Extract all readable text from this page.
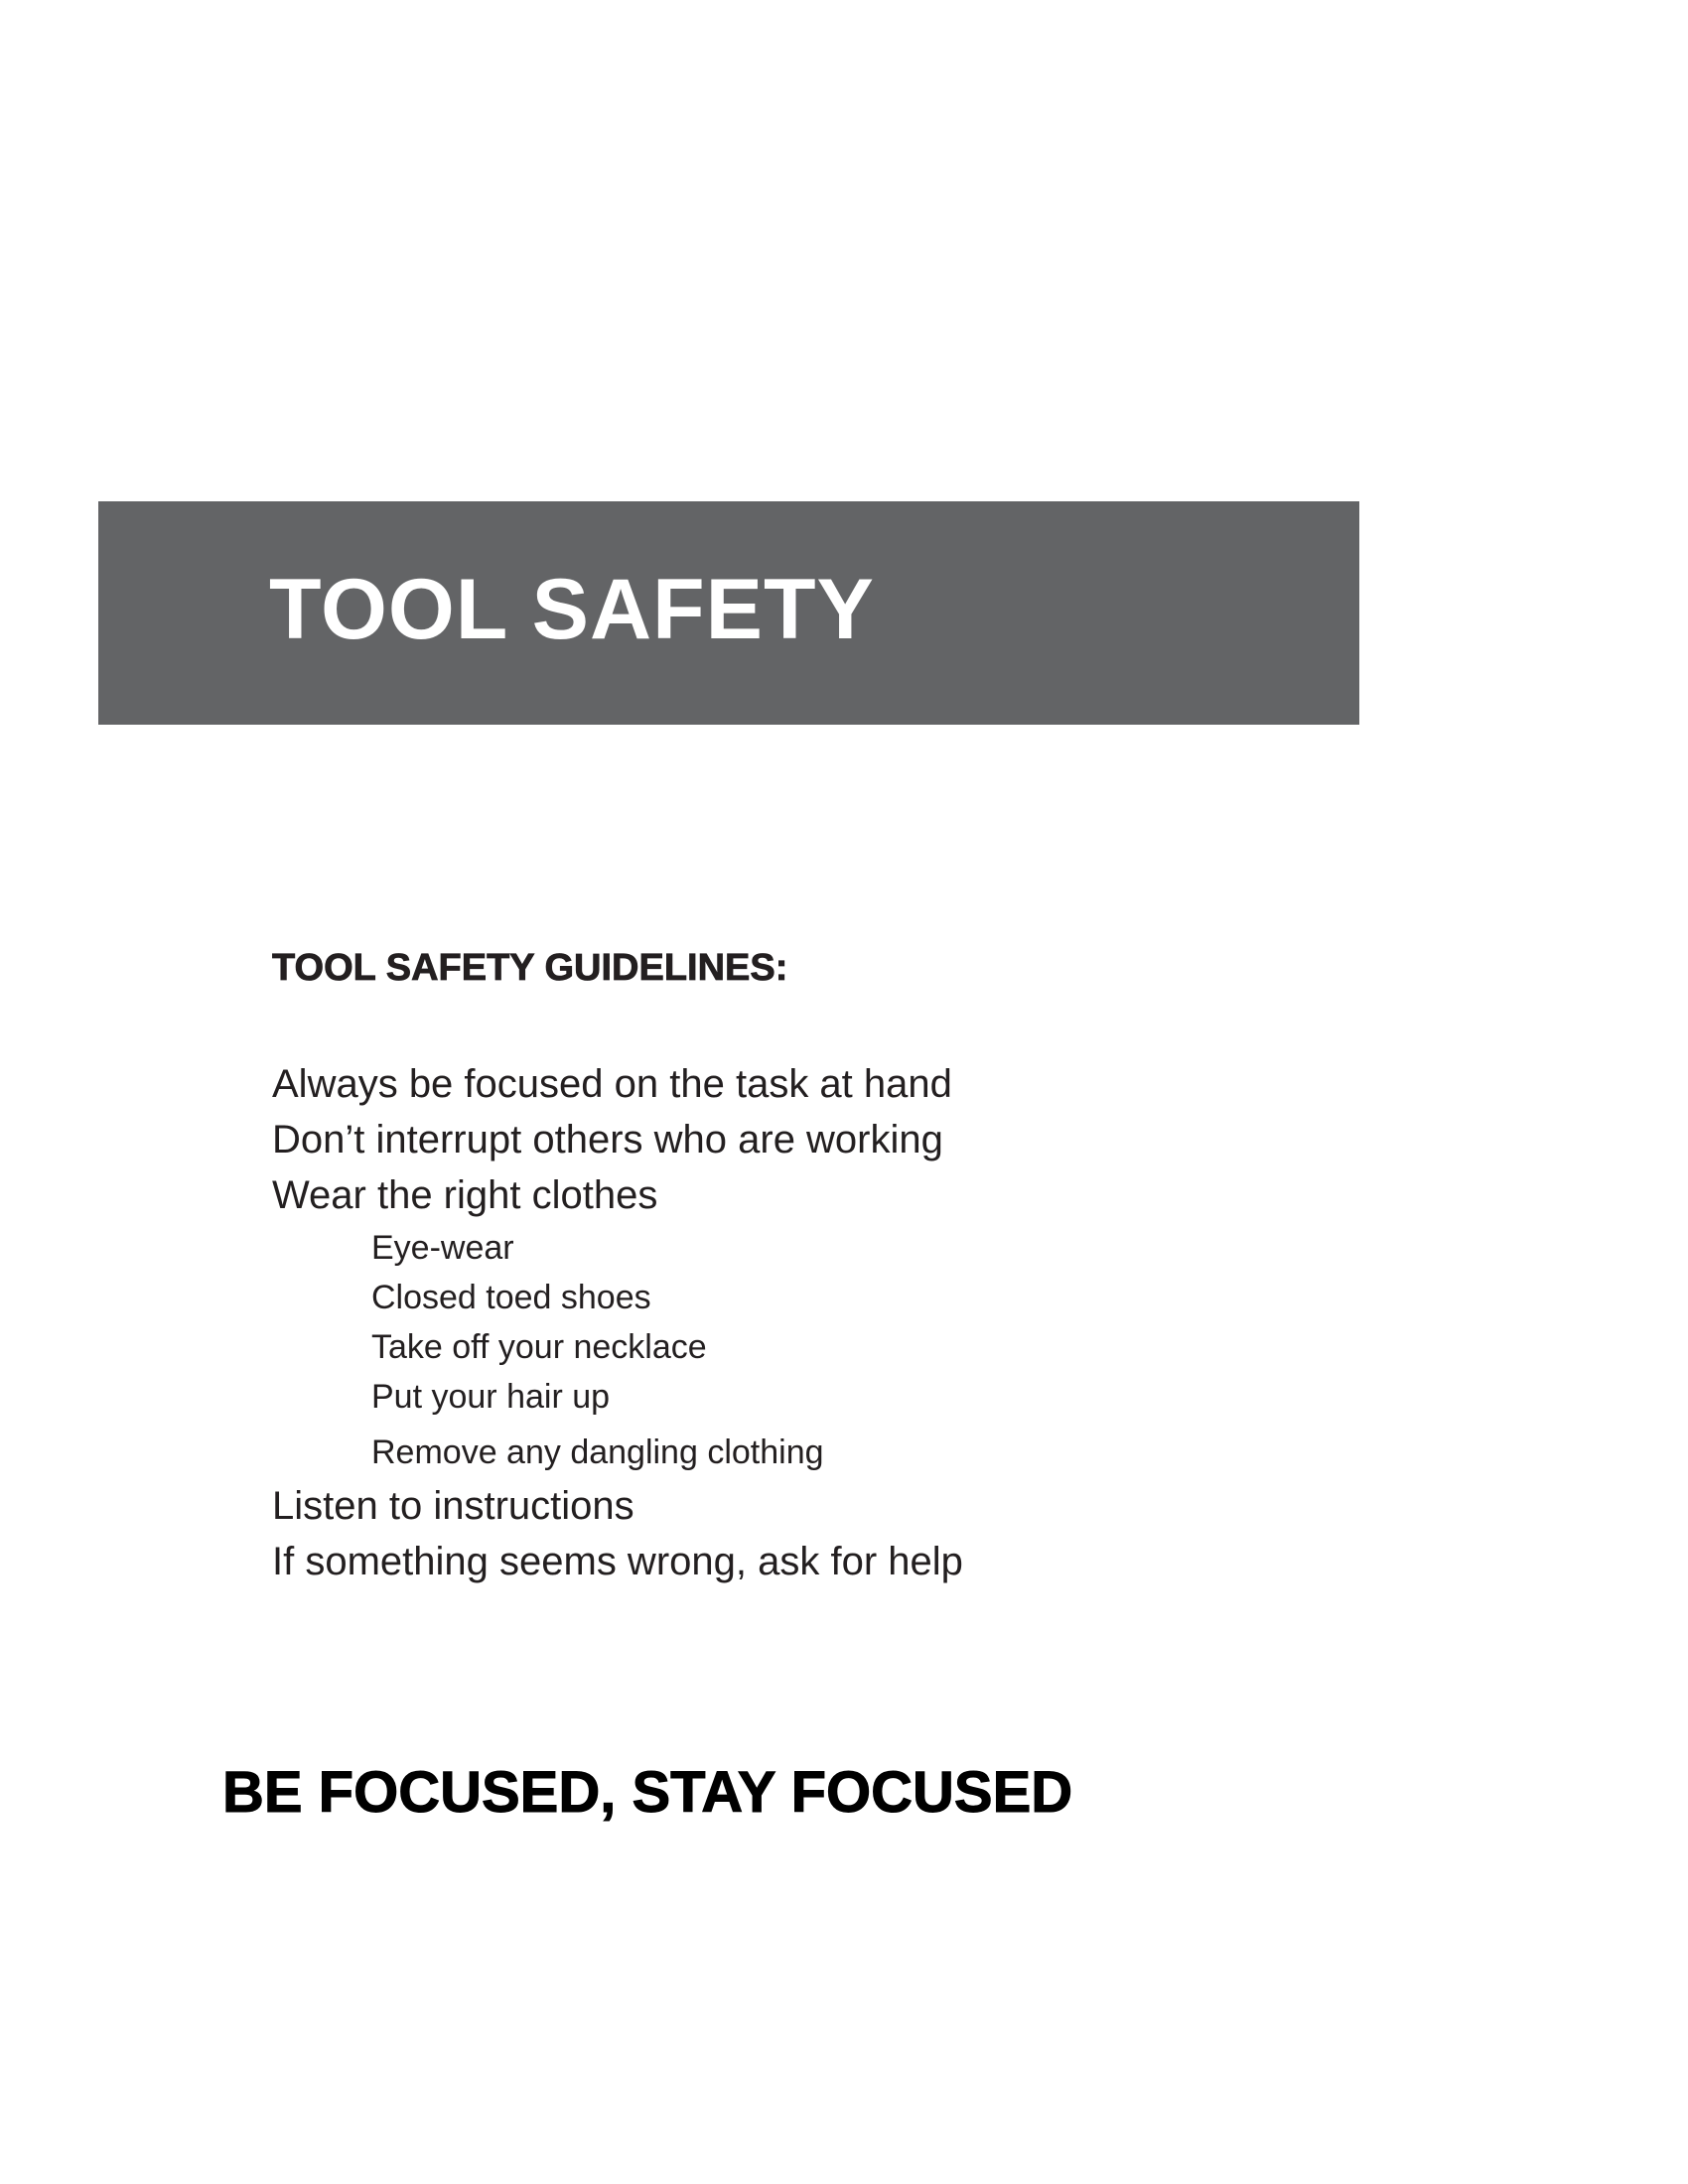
TOOL SAFETY
TOOL SAFETY GUIDELINES:
Always be focused on the task at hand
Don’t interrupt others who are working
Wear the right clothes
Eye-wear
Closed toed shoes
Take off your necklace
Put your hair up
Remove any dangling clothing
Listen to instructions
If something seems wrong, ask for help
BE FOCUSED, STAY FOCUSED
